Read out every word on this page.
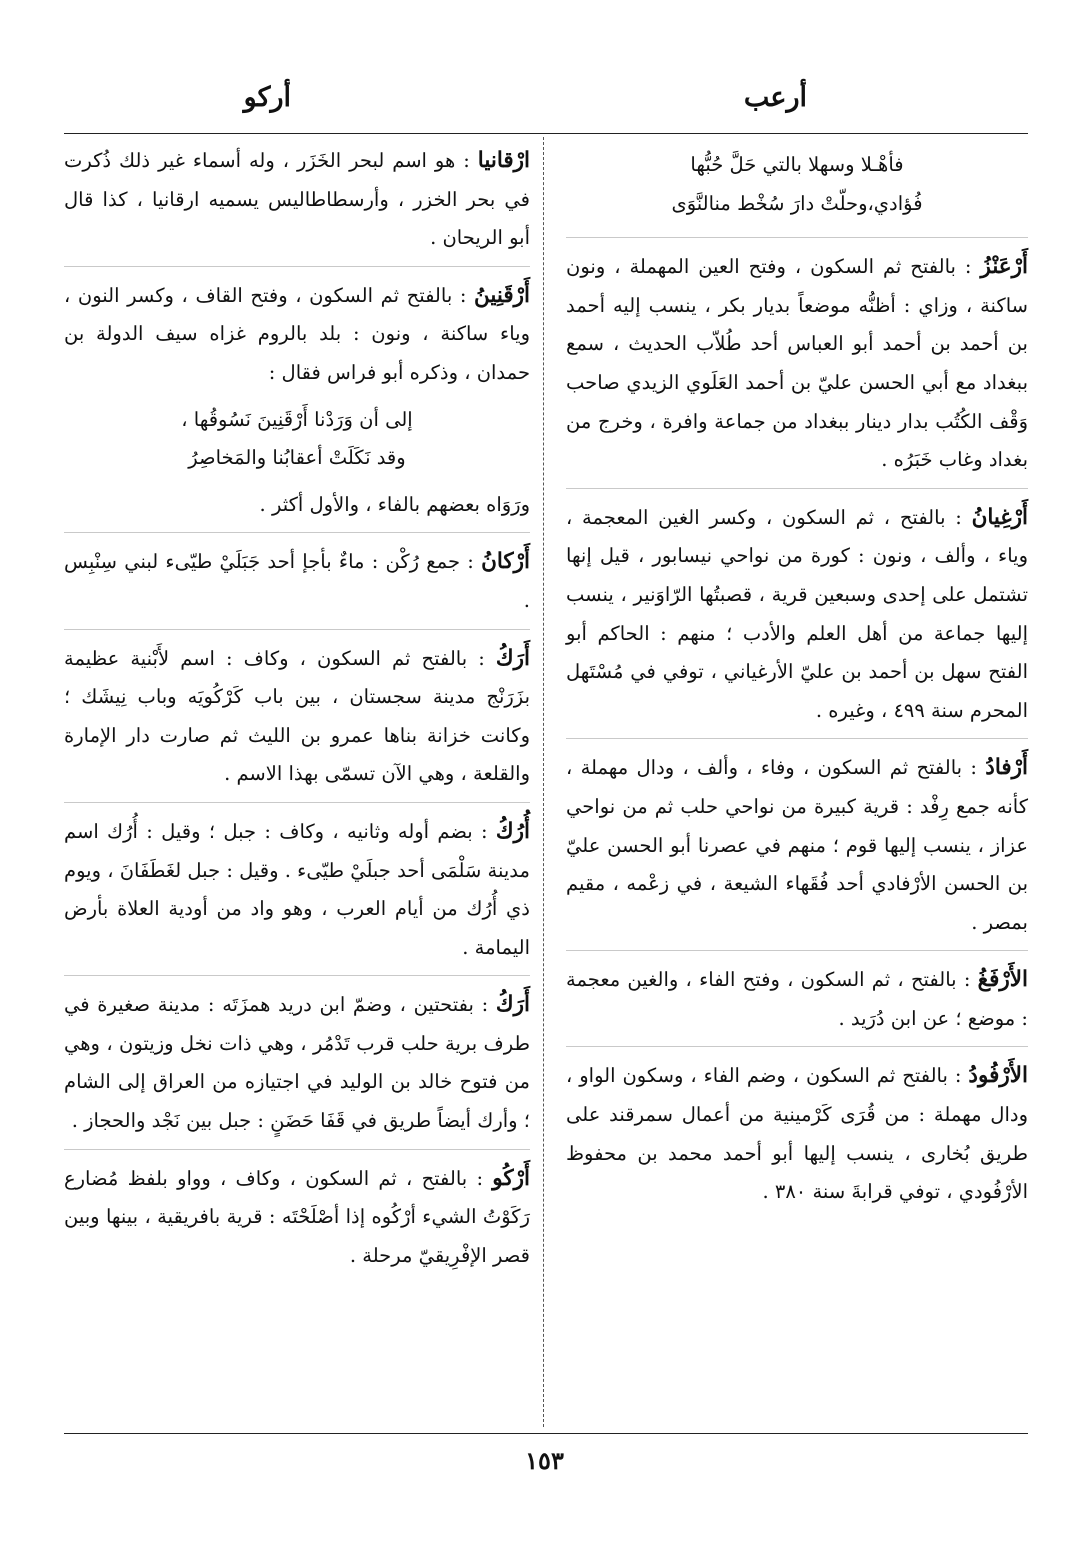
أرعب
أركو
فأهْـلا وسهلا بالتي حَلَّ حُبُّها
فُؤادي،وحلّتْ دارَ سُخْط منالنَّوَى
أَرْعَنْزُ : بالفتح ثم السكون ، وفتح العين المهملة ، ونون ساكنة ، وزاي : أظنُّه موضعاً بديار بكر ، ينسب إليه أحمد بن أحمد بن أحمد أبو العباس أحد طُلاّب الحديث ، سمع ببغداد مع أبي الحسن عليّ بن أحمد العَلَوي الزيدي صاحب وَقْف الكُتُب بدار دينار ببغداد من جماعة وافرة ، وخرج من بغداد وغاب خَبَرُه .
أَرْغِيانُ : بالفتح ، ثم السكون ، وكسر الغين المعجمة ، وياء ، وألف ، ونون : كورة من نواحي نيسابور ، قيل إنها تشتمل على إحدى وسبعين قرية ، قصبتُها الرّاوَنير ، ينسب إليها جماعة من أهل العلم والأدب ؛ منهم : الحاكم أبو الفتح سهل بن أحمد بن عليّ الأرغياني ، توفي في مُسْتَهل المحرم سنة ٤٩٩ ، وغيره .
أَرْفادُ : بالفتح ثم السكون ، وفاء ، وألف ، ودال مهملة ، كأنه جمع رِفْد : قرية كبيرة من نواحي حلب ثم من نواحي عزاز ، ينسب إليها قوم ؛ منهم في عصرنا أبو الحسن عليّ بن الحسن الأرْفادي أحد فُقَهاء الشيعة ، في زعْمه ، مقيم بمصر .
الأَرْفَغُ : بالفتح ، ثم السكون ، وفتح الفاء ، والغين معجمة : موضع ؛ عن ابن دُرَيد .
الأَرْفُودُ : بالفتح ثم السكون ، وضم الفاء ، وسكون الواو ، ودال مهملة : من قُرَى كَرْمينية من أعمال سمرقند على طريق بُخارى ، ينسب إليها أبو أحمد محمد بن محفوظ الأرْفُودي ، توفي قرابةَ سنة ٣٨٠ .
ارْقانيا : هو اسم لبحر الخَزَر ، وله أسماء غير ذلك ذُكرت في بحر الخزر ، وأرسطاطاليس يسميه ارقانيا ، كذا قال أبو الريحان .
أَرْقَنِينُ : بالفتح ثم السكون ، وفتح القاف ، وكسر النون ، وياء ساكنة ، ونون : بلد بالروم غزاه سيف الدولة بن حمدان ، وذكره أبو فراس فقال :
إلى أن وَرَدْنا أَرْقَنِينَ نَسُوقُها ،
وقد نَكَلَتْ أعقابُنا والمَخاصِرُ
ورَوَاه بعضهم بالفاء ، والأول أكثر .
أَرْكانُ : جمع رُكْن : ماءٌ بأجإ أحد جَبَلَيْ طيّىء لبني سِنْبِس .
أَرَكُ : بالفتح ثم السكون ، وكاف : اسم لأَبْنية عظيمة بزَرَنْج مدينة سجستان ، بين باب كَرْكُويَه وباب نِيشَك ؛ وكانت خزانة بناها عمرو بن الليث ثم صارت دار الإمارة والقلعة ، وهي الآن تسمّى بهذا الاسم .
أُرُكُ : بضم أوله وثانيه ، وكاف : جبل ؛ وقيل : أُرُك اسم مدينة سَلْمَى أحد جبلَيْ طيّىء . وقيل : جبل لغَطَفَانَ ، ويوم ذي أُرُك من أيام العرب ، وهو واد من أودية العلاة بأرض اليمامة .
أَرَكُ : بفتحتين ، وضمّ ابن دريد همزَتَه : مدينة صغيرة في طرف برية حلب قرب تَدْمُر ، وهي ذات نخل وزيتون ، وهي من فتوح خالد بن الوليد في اجتيازه من العراق إلى الشام ؛ وأرك أيضاً طريق في قَفَا حَضَنٍ : جبل بين نَجْد والحجاز .
أَرْكُو : بالفتح ، ثم السكون ، وكاف ، وواو بلفظ مُضارع رَكَوْتُ الشيء أرْكُوه إذا أصْلَحْتَه : قرية بافريقية ، بينها وبين قصر الإفْرِيقيّ مرحلة .
١٥٣
